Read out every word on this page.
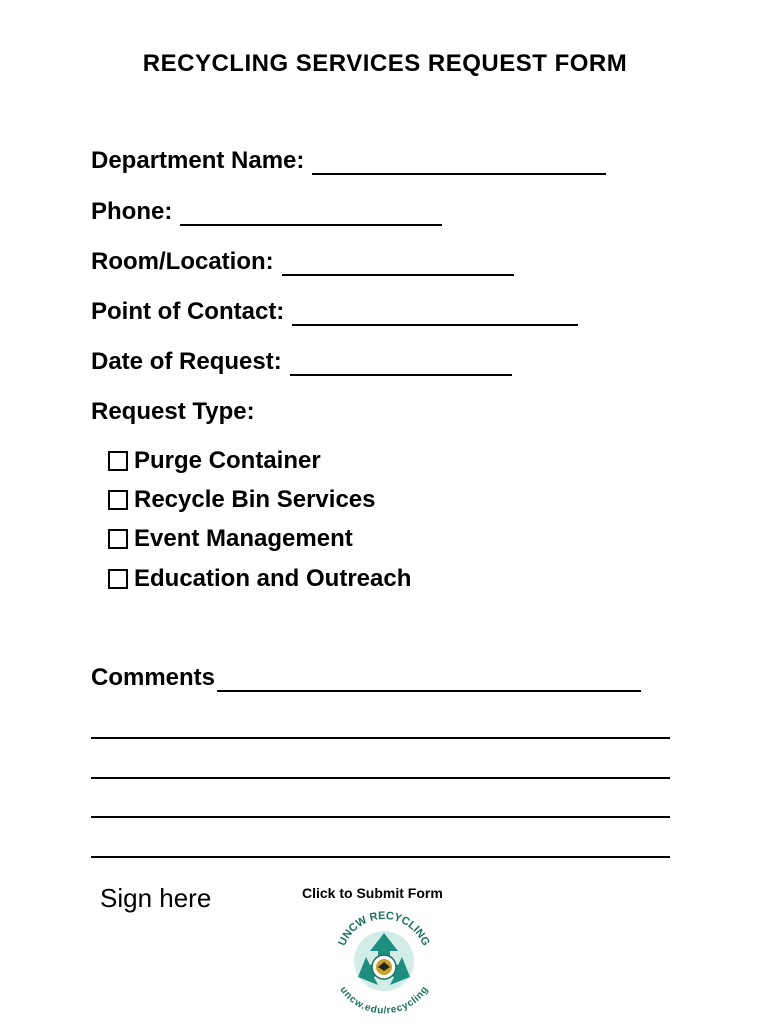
RECYCLING SERVICES REQUEST FORM
Department Name:
Phone:
Room/Location:
Point of Contact:
Date of Request:
Request Type:
Purge Container
Recycle Bin Services
Event Management
Education and Outreach
Comments
Sign here	Click to Submit Form
UNCW RECYCLING
uncw.edu/recycling
